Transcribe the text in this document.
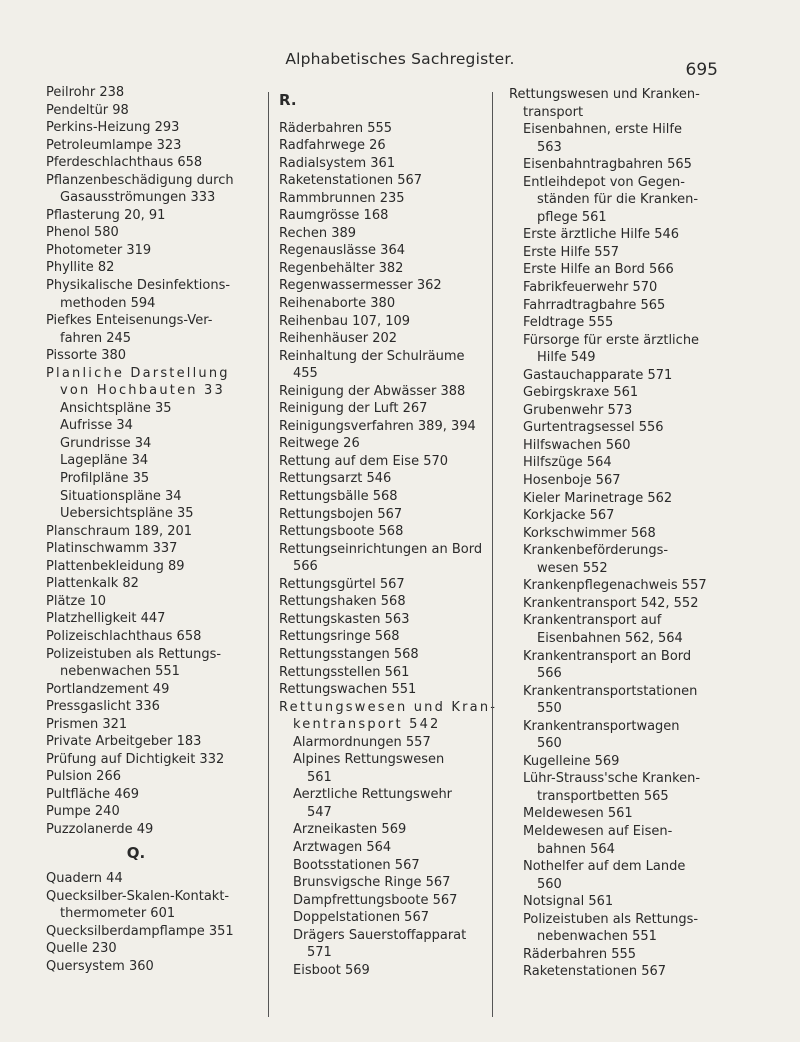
Alphabetisches Sachregister.
695
Peilrohr 238
Pendeltür 98
Perkins-Heizung 293
Petroleumlampe 323
Pferdeschlachthaus 658
Pflanzenbeschädigung durch
Gasausströmungen 333
Pflasterung 20, 91
Phenol 580
Photometer 319
Phyllite 82
Physikalische Desinfektions-
methoden 594
Piefkes Enteisenungs-Ver-
fahren 245
Pissorte 380
Planliche Darstellung
von Hochbauten 33
Ansichtspläne 35
Aufrisse 34
Grundrisse 34
Lagepläne 34
Profilpläne 35
Situationspläne 34
Uebersichtspläne 35
Planschraum 189, 201
Platinschwamm 337
Plattenbekleidung 89
Plattenkalk 82
Plätze 10
Platzhelligkeit 447
Polizeischlachthaus 658
Polizeistuben als Rettungs-
nebenwachen 551
Portlandzement 49
Pressgaslicht 336
Prismen 321
Private Arbeitgeber 183
Prüfung auf Dichtigkeit 332
Pulsion 266
Pultfläche 469
Pumpe 240
Puzzolanerde 49
Q.
Quadern 44
Quecksilber-Skalen-Kontakt-
thermometer 601
Quecksilberdampflampe 351
Quelle 230
Quersystem 360
R.
Räderbahren 555
Radfahrwege 26
Radialsystem 361
Raketenstationen 567
Rammbrunnen 235
Raumgrösse 168
Rechen 389
Regenauslässe 364
Regenbehälter 382
Regenwassermesser 362
Reihenaborte 380
Reihenbau 107, 109
Reihenhäuser 202
Reinhaltung der Schulräume
455
Reinigung der Abwässer 388
Reinigung der Luft 267
Reinigungsverfahren 389, 394
Reitwege 26
Rettung auf dem Eise 570
Rettungsarzt 546
Rettungsbälle 568
Rettungsbojen 567
Rettungsboote 568
Rettungseinrichtungen an Bord
566
Rettungsgürtel 567
Rettungshaken 568
Rettungskasten 563
Rettungsringe 568
Rettungsstangen 568
Rettungsstellen 561
Rettungswachen 551
Rettungswesen und Kran-
kentransport 542
Alarmordnungen 557
Alpines Rettungswesen
561
Aerztliche Rettungswehr
547
Arzneikasten 569
Arztwagen 564
Bootsstationen 567
Brunsvigsche Ringe 567
Dampfrettungsboote 567
Doppelstationen 567
Drägers Sauerstoffapparat
571
Eisboot 569
Rettungswesen und Kranken-
transport
Eisenbahnen, erste Hilfe
563
Eisenbahntragbahren 565
Entleihdepot von Gegen-
ständen für die Kranken-
pflege 561
Erste ärztliche Hilfe 546
Erste Hilfe 557
Erste Hilfe an Bord 566
Fabrikfeuerwehr 570
Fahrradtragbahre 565
Feldtrage 555
Fürsorge für erste ärztliche
Hilfe 549
Gastauchapparate 571
Gebirgskraxe 561
Grubenwehr 573
Gurtentragsessel 556
Hilfswachen 560
Hilfszüge 564
Hosenboje 567
Kieler Marinetrage 562
Korkjacke 567
Korkschwimmer 568
Krankenbeförderungs-
wesen 552
Krankenpflegenachweis 557
Krankentransport 542, 552
Krankentransport auf
Eisenbahnen 562, 564
Krankentransport an Bord
566
Krankentransportstationen
550
Krankentransportwagen
560
Kugelleine 569
Lühr-Strauss'sche Kranken-
transportbetten 565
Meldewesen 561
Meldewesen auf Eisen-
bahnen 564
Nothelfer auf dem Lande
560
Notsignal 561
Polizeistuben als Rettungs-
nebenwachen 551
Räderbahren 555
Raketenstationen 567
